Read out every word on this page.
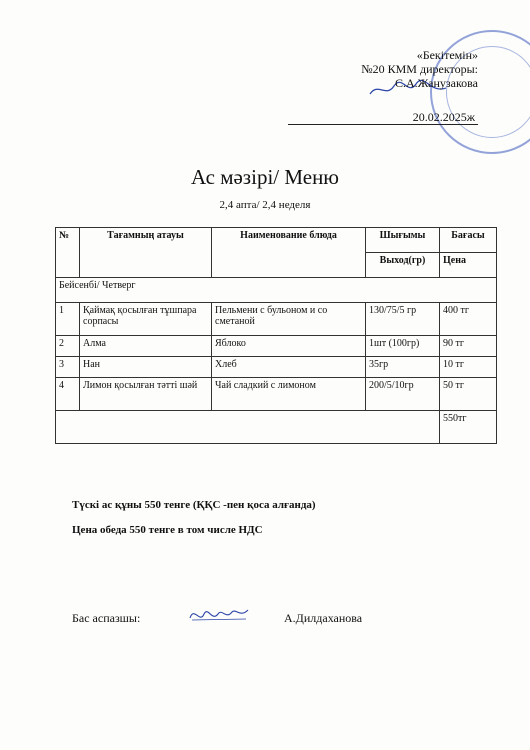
«Бекітемін»
№20 КММ директоры:
С.А.Жанузакова
20.02.2025ж
Ас мәзірі/ Меню
2,4 апта/ 2,4 неделя
№	Тағамның атауы	Наименование блюда	Шығымы	Бағасы
			Выход(гр)	Цена
Бейсенбі/ Четверг				
1	Қаймақ қосылған тұшпара сорпасы	Пельмени с бульоном и со сметаной	130/75/5 гр	400 тг
2	Алма	Яблоко	1шт (100гр)	90 тг
3	Нан	Хлеб	35гр	10 тг
4	Лимон қосылған тәтті шәй	Чай сладкий с лимоном	200/5/10гр	50 тг
				550тг
Түскі ас құны 550 тенге (ҚҚС -пен қоса алғанда)
Цена обеда 550 тенге в том числе НДС
Бас аспазшы:	А.Дилдаханова
